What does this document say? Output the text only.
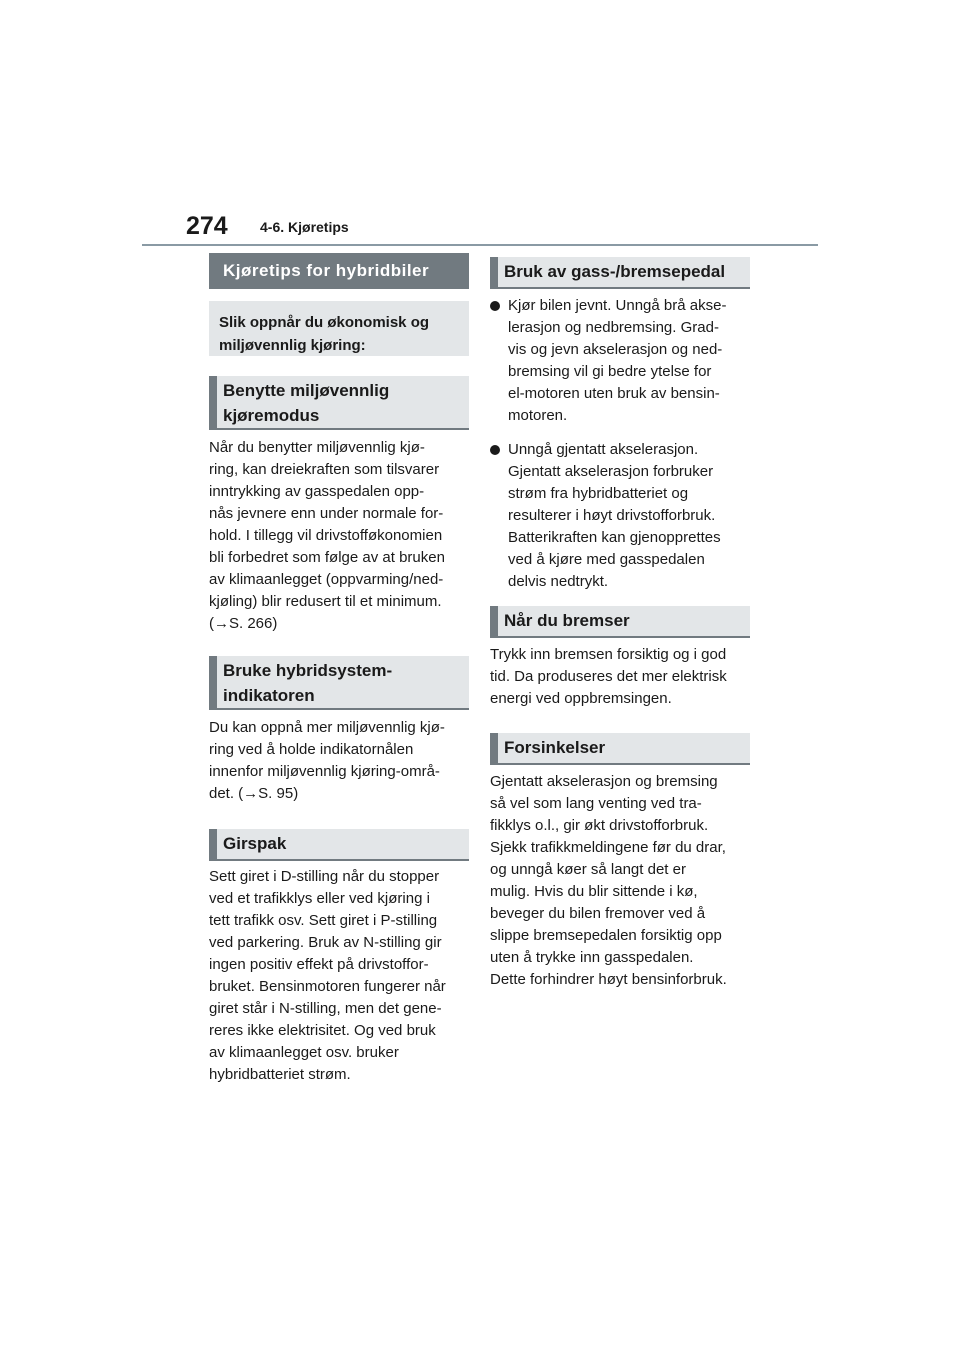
274 4-6. Kjøretips
Kjøretips for hybridbiler
Slik oppnår du økonomisk og
miljøvennlig kjøring:
Benytte miljøvennlig
kjøremodus

Når du benytter miljøvennlig kjø-
ring, kan dreiekraften som tilsvarer
inntrykking av gasspedalen opp-
nås jevnere enn under normale for-
hold. I tillegg vil drivstofføkonomien
bli forbedret som følge av at bruken
av klimaanlegget (oppvarming/ned-
kjøling) blir redusert til et minimum.
(→S. 266)

Bruke hybridsystem-
indikatoren

Du kan oppnå mer miljøvennlig kjø-
ring ved å holde indikatornålen
innenfor miljøvennlig kjøring-områ-
det. (→S. 95)

Girspak

Sett giret i D-stilling når du stopper
ved et trafikklys eller ved kjøring i
tett trafikk osv. Sett giret i P-stilling
ved parkering. Bruk av N-stilling gir
ingen positiv effekt på drivstoffor-
bruket. Bensinmotoren fungerer når
giret står i N-stilling, men det gene-
reres ikke elektrisitet. Og ved bruk
av klimaanlegget osv. bruker
hybridbatteriet strøm.

Bruk av gass-/bremsepedal
Kjør bilen jevnt. Unngå brå akse-
lerasjon og nedbremsing. Grad-
vis og jevn akselerasjon og ned-
bremsing vil gi bedre ytelse for
el-motoren uten bruk av bensin-
motoren.
Unngå gjentatt akselerasjon.
Gjentatt akselerasjon forbruker
strøm fra hybridbatteriet og
resulterer i høyt drivstofforbruk.
Batterikraften kan gjenopprettes
ved å kjøre med gasspedalen
delvis nedtrykt.
Når du bremser

Trykk inn bremsen forsiktig og i god
tid. Da produseres det mer elektrisk
energi ved oppbremsingen.

Forsinkelser

Gjentatt akselerasjon og bremsing
så vel som lang venting ved tra-
fikklys o.l., gir økt drivstofforbruk.
Sjekk trafikkmeldingene før du drar,
og unngå køer så langt det er
mulig. Hvis du blir sittende i kø,
beveger du bilen fremover ved å
slippe bremsepedalen forsiktig opp
uten å trykke inn gasspedalen.
Dette forhindrer høyt bensinforbruk.
